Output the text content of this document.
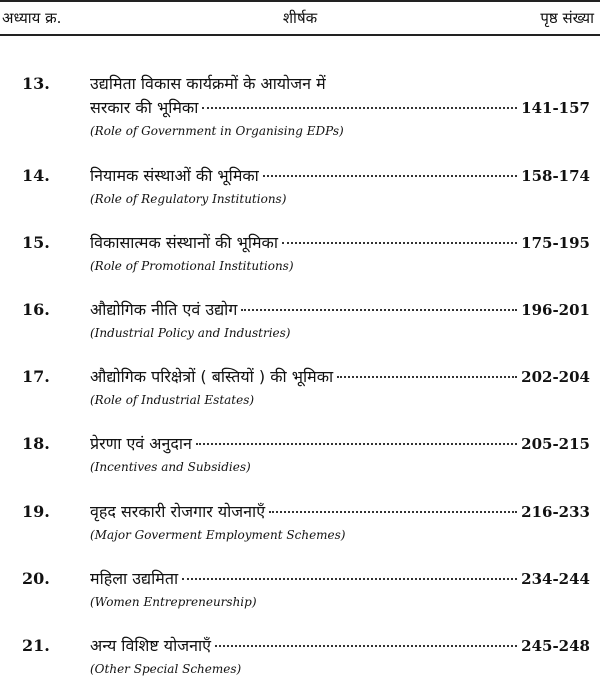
अध्याय क्र.	शीर्षक	पृष्ठ संख्या
13.	उद्यमिता विकास कार्यक्रमों के आयोजन में
सरकार की भूमिका	141-157
(Role of Government in Organising EDPs)
14.	नियामक संस्थाओं की भूमिका	158-174
(Role of Regulatory Institutions)
15.	विकासात्मक संस्थानों की भूमिका	175-195
(Role of Promotional Institutions)
16.	औद्योगिक नीति एवं उद्योग	196-201
(Industrial Policy and Industries)
17.	औद्योगिक परिक्षेत्रों ( बस्तियों ) की भूमिका	202-204
(Role of Industrial Estates)
18.	प्रेरणा एवं अनुदान	205-215
(Incentives and Subsidies)
19.	वृहद सरकारी रोजगार योजनाएँ	216-233
(Major Goverment Employment Schemes)
20.	महिला उद्यमिता	234-244
(Women Entrepreneurship)
21.	अन्य विशिष्ट योजनाएँ	245-248
(Other Special Schemes)
